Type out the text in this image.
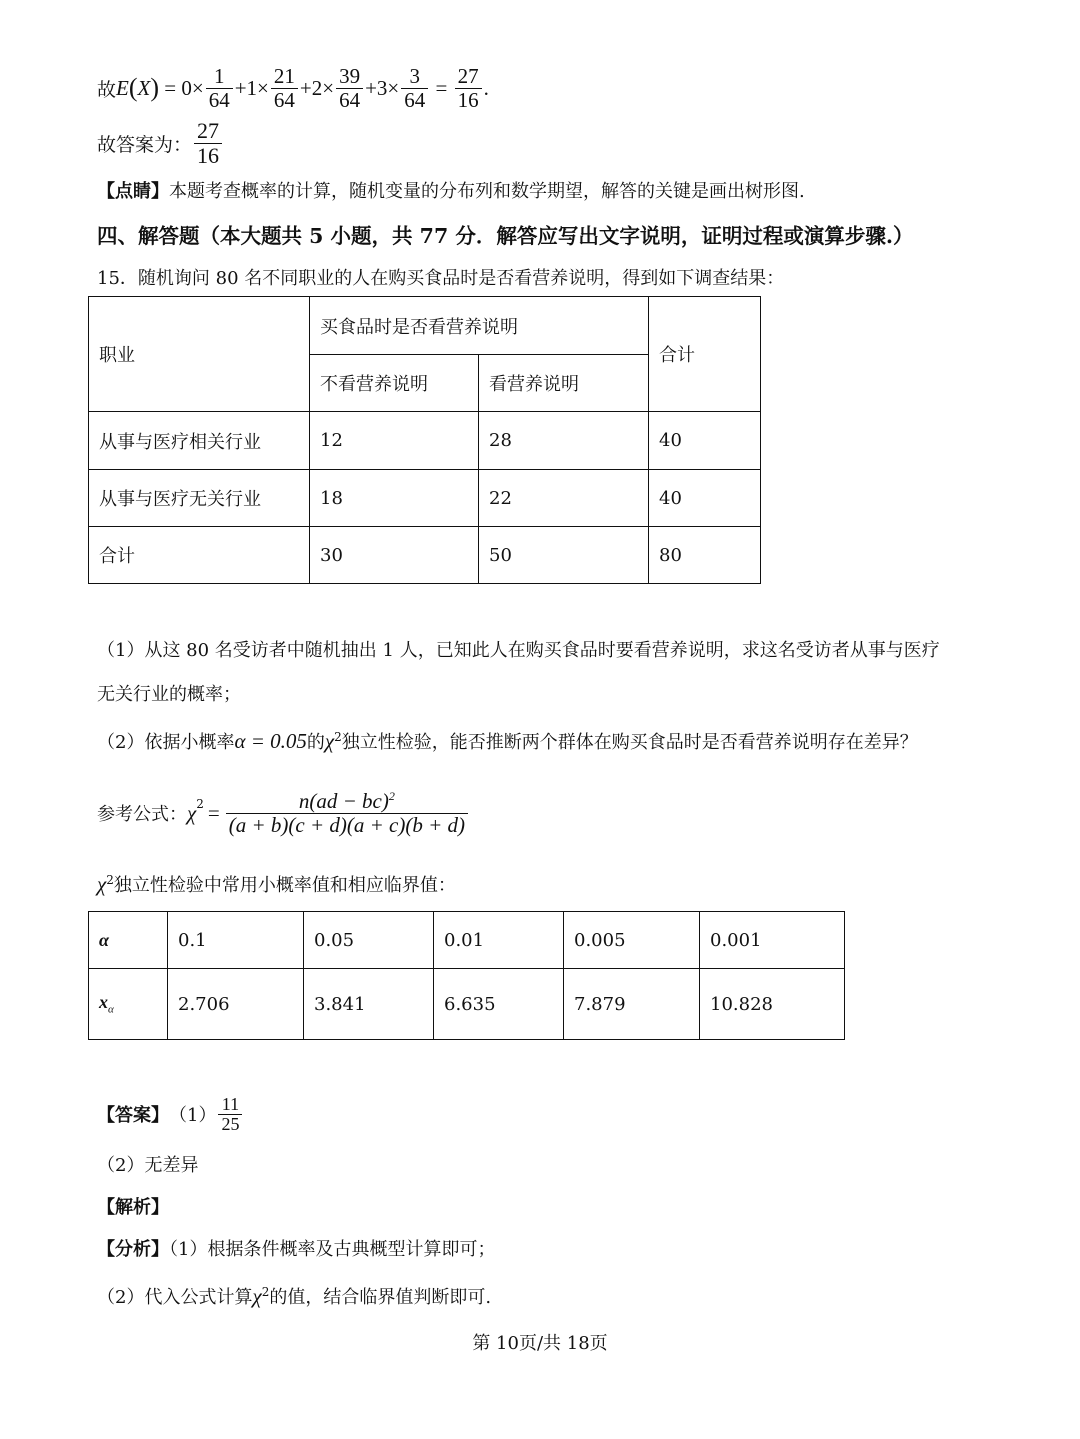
故 E ( X ) = $0 \times \frac{1}{64} + 1 \times \frac{21}{64} + 2 \times \frac{39}{64} + 3 \times \frac{3}{64} = \frac{27}{16}$ .
故答案为： $\frac{27}{16}$
【点睛】本题考查概率的计算，随机变量的分布列和数学期望，解答的关键是画出树形图.
四、解答题（本大题共 5 小题，共 77 分．解答应写出文字说明，证明过程或演算步骤.）
15．随机询问 80 名不同职业的人在购买食品时是否看营养说明，得到如下调查结果：
职业	买食品时是否看营养说明		合计
	不看营养说明	看营养说明	
从事与医疗相关行业	12	28	40
从事与医疗无关行业	18	22	40
合计	30	50	80
（1）从这 80 名受访者中随机抽出 1 人，已知此人在购买食品时要看营养说明，求这名受访者从事与医疗
无关行业的概率；
（2）依据小概率α = 0.05的$\chi^2$独立性检验，能否推断两个群体在购买食品时是否看营养说明存在差异？
参考公式： $\chi^2 = \frac{n(ad - bc)^2}{(a + b)(c + d)(a + c)(b + d)}$
$\chi^2$独立性检验中常用小概率值和相应临界值：
α	0.1	0.05	0.01	0.005	0.001
$x_\alpha$	2.706	3.841	6.635	7.879	10.828
【答案】 $(1) \frac{11}{25}$
（2）无差异
【解析】
【分析】（1）根据条件概率及古典概型计算即可；
（2）代入公式计算$\chi^2$的值，结合临界值判断即可.
第 10页/共 18页
